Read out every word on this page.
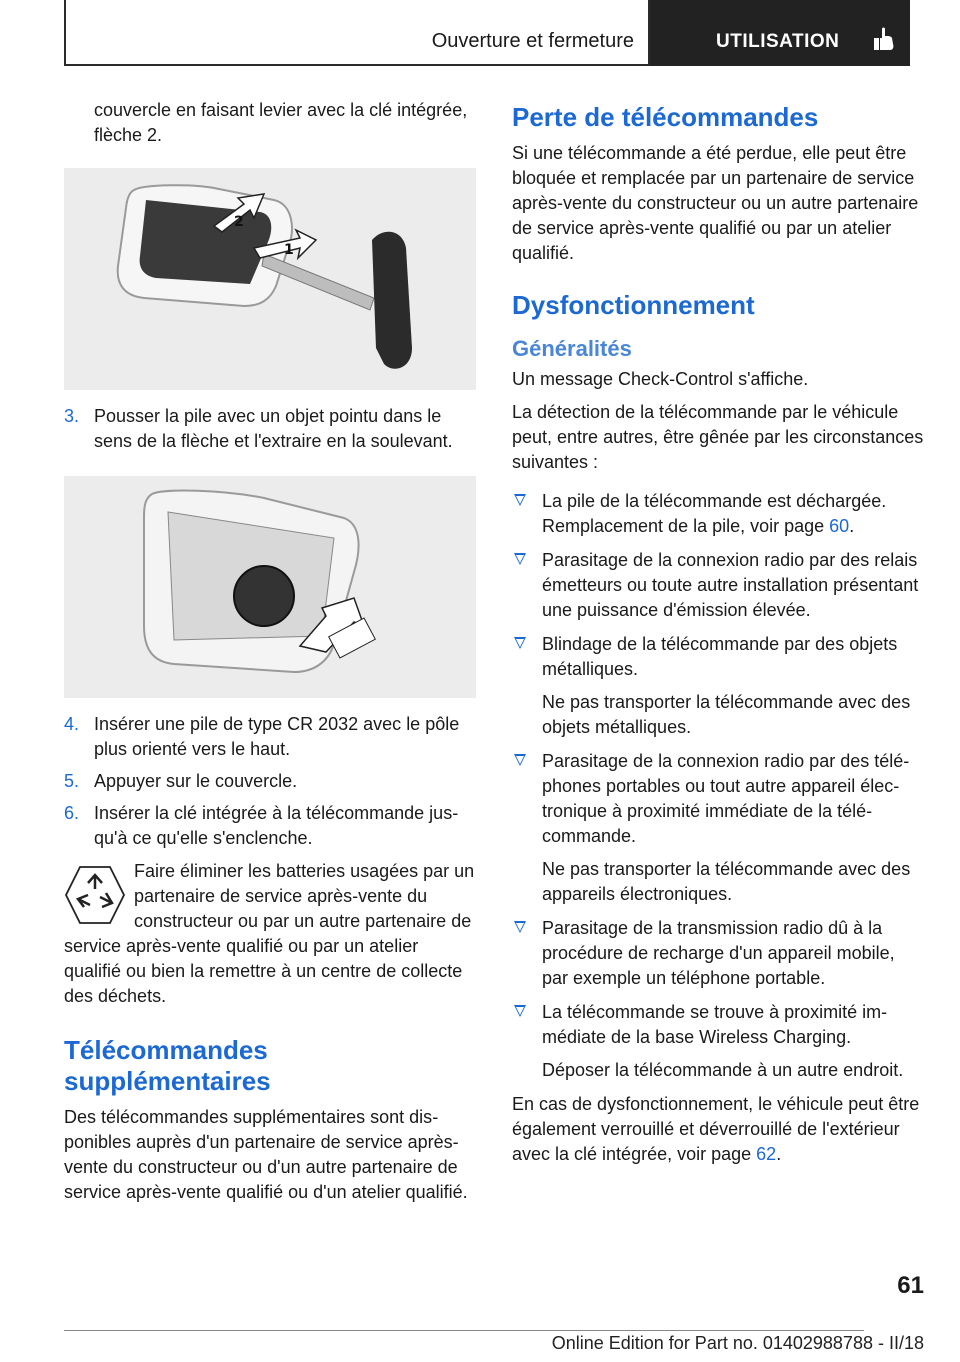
Ouverture et fermeture	UTILISATION

couvercle en faisant levier avec la clé intégrée, flèche 2.

1
2
3. Pousser la pile avec un objet pointu dans le sens de la flèche et l'extraire en la soulevant.
4. Insérer une pile de type CR 2032 avec le pôle plus orienté vers le haut.
5. Appuyer sur le couvercle.
6. Insérer la clé intégrée à la télécommande jusqu'à ce qu'elle s'enclenche.
Faire éliminer les batteries usagées par un partenaire de service après-vente du constructeur ou par un autre partenaire de service après-vente qualifié ou par un atelier qualifié ou bien la remettre à un centre de collecte des déchets.
Télécommandes supplémentaires

Des télécommandes supplémentaires sont disponibles auprès d'un partenaire de service après-vente du constructeur ou d'un autre partenaire de service après-vente qualifié ou d'un atelier qualifié.

Perte de télécommandes

Si une télécommande a été perdue, elle peut être bloquée et remplacée par un partenaire de service après-vente du constructeur ou un autre partenaire de service après-vente qualifié ou par un atelier qualifié.

Dysfonctionnement
Généralités

Un message Check-Control s'affiche.

La détection de la télécommande par le véhicule peut, entre autres, être gênée par les circonstances suivantes :

La pile de la télécommande est déchargée. Remplacement de la pile, voir page 60.
Parasitage de la connexion radio par des relais émetteurs ou toute autre installation présentant une puissance d'émission élevée.
Blindage de la télécommande par des objets métalliques.

Ne pas transporter la télécommande avec des objets métalliques.

Parasitage de la connexion radio par des téléphones portables ou tout autre appareil électronique à proximité immédiate de la télécommande.

Ne pas transporter la télécommande avec des appareils électroniques.

Parasitage de la transmission radio dû à la procédure de recharge d'un appareil mobile, par exemple un téléphone portable.
La télécommande se trouve à proximité immédiate de la base Wireless Charging.

Déposer la télécommande à un autre endroit.

En cas de dysfonctionnement, le véhicule peut être également verrouillé et déverrouillé de l'extérieur avec la clé intégrée, voir page 62.

61
Online Edition for Part no. 01402988788 - II/18
